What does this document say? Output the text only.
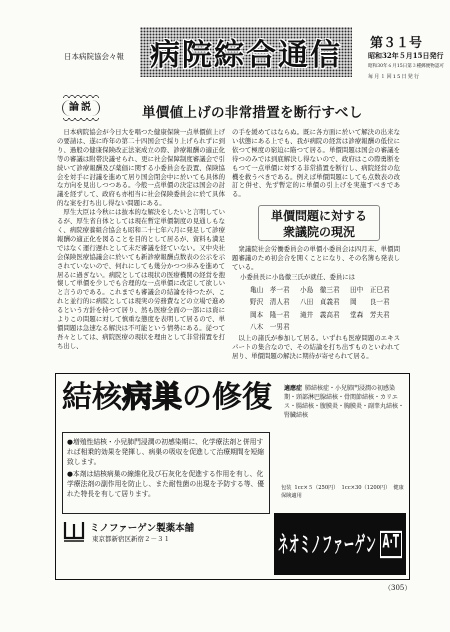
日本病院協会々報 病院綜合通信 第３１号
昭和32年５月15日発行
昭和30年６月15日第３種郵便物認可
毎月１回15日発行
論説	単價値上げの非常措置を断行すべし

日本病院協会が今日大を唱つた健康保険一点単價値上げの要請は、遂に昨年の第二十四国会で採り上げられずに到り、過般の健康保険改正法案成立の際、診療報酬の適正化等の審議は附帯決議せられ、更に社会保障制度審議会で引続いて診療報酬及び薬価に関する小委員会を設置、保険協会を対手に討議を進めて居り国会閉会中に於いても具体的な方向を見出しつつある。今般一点単價の決定は国会の討議を経ずして、政府も亦相当に社会保険委員会に於て具体的な案を打ち出し得ない問題にある。

厚生大臣は今秋には抜本的な解決をしたいと言明しているが、厚生省自体としては現在暫定単價制度の見通しもなく、病院療養組合協会も昭和二十七年六月に発足して診療報酬の適正化を図ることを目的として居るが、資料も満足ではなく運行遅れとして未だ審議を経ていない。又中央社会保険医療協議会に於いても新診療報酬点数表の公示を示されていないので、何れにしても幾分かつつ歩みを進めて居るに過ぎない。病院としては現状の医療機関の経営を抱懐して単價を少しでも合理的な一点単價に改定して欲しいと言うのである。これまでも審議会の結論を待つたが、これと並行的に病院としては現実の労務費などの立場で進めるという方針を持つて居り、然も医療全面の一部には資によりこの問題に対して慎重な態度を表明して居るので、単價問題は急速なる解決は不可能という情勢にある。従つて吾々としては、病院医療の現状を理由として非常措置を打ち出し、

の手を緩めてはならぬ。既に各方面に於いて解決の出来ない状態にある上でも、我が病院の経営は診療報酬の低位に依つて極度の窮迫に陥つて居る。単價問題は国会の審議を待つのみでは到底解決し得ないので、政府はこの際勇断をもつて一点単價に対する非常措置を断行し、病院経営の危機を救うべきである。例えば単價問題にしても点数表の改訂と併せ、先ず暫定的に単價の引上げを実施すべきである。

単價問題に対する
衆議院の現況

衆議院社会労働委員会の単價小委員会は四月末、単價問題審議のため初会合を開くことになり、その名簿も発表している。

小委員長に小島徹三氏が就任、委員には
亀山　孝一君	小島　徹三君	田中　正巳君
野沢　清人君	八田　貞義君	岡　　良一君
岡本　隆一君	滝井　義高君	堂森　芳夫君
八木　一男君

以上の諸氏が参加して居る。いずれも医療問題のエキスパートの集合なので、その結論を打ち出すものといわれて居り、単價問題の解決に期待が寄せられて居る。

結核病巣の修復 適應症 肺結核症・小兒肺門浸潤の初感染期・頸部淋巴腺結核・骨関節結核・カリエス・腸結核・腹膜炎・胸膜炎・副睾丸結核・腎臓結核

●増殖性結核・小兒肺門浸潤の初感染期に、化学療法剤と併用すれば相乗的効果を発揮し、病巣の吸収を促進して治療期間を短縮致します。

●本剤は結核病巣の線維化及び石灰化を促進する作用を有し、化学療法剤の副作用を防止し、また耐性菌の出現を予防する等、優れた特長を有して居ります。

包装 1cc×５（250円） 1cc×30（1200円） 健康保険適用
ミノファーゲン製薬本舗
東京都新宿区新宿２－３１	ネオミノファーゲン A·T
（305）
